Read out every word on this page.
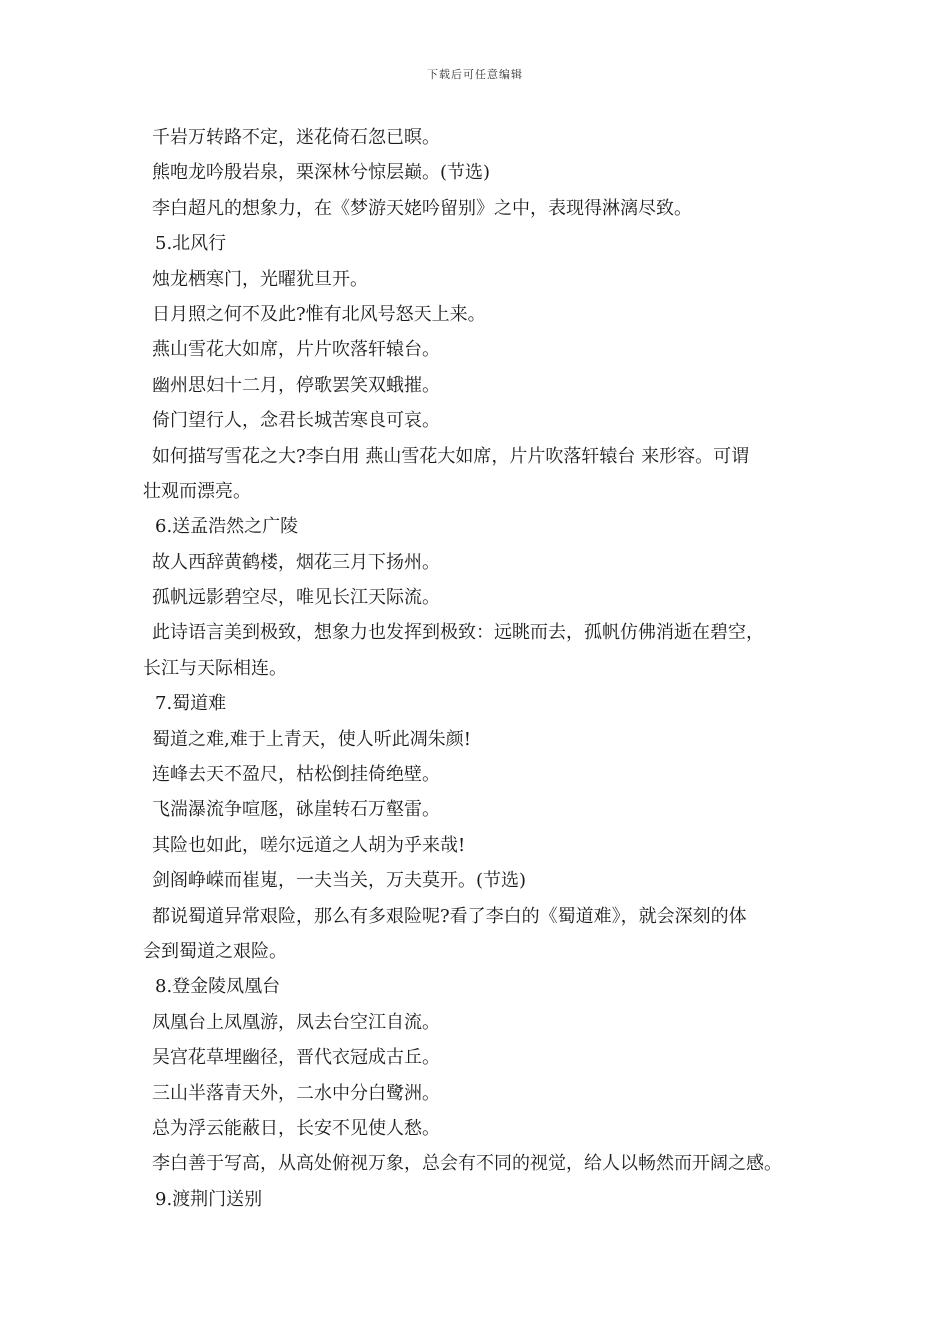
下载后可任意编辑
千岩万转路不定，迷花倚石忽已暝。
熊咆龙吟殷岩泉，栗深林兮惊层巅。(节选)
李白超凡的想象力，在《梦游天姥吟留别》之中，表现得淋漓尽致。
5.北风行
烛龙栖寒门，光曜犹旦开。
日月照之何不及此?惟有北风号怒天上来。
燕山雪花大如席，片片吹落轩辕台。
幽州思妇十二月，停歌罢笑双蛾摧。
倚门望行人，念君长城苦寒良可哀。
如何描写雪花之大?李白用 燕山雪花大如席，片片吹落轩辕台 来形容。可谓
壮观而漂亮。
6.送孟浩然之广陵
故人西辞黄鹤楼，烟花三月下扬州。
孤帆远影碧空尽，唯见长江天际流。
此诗语言美到极致，想象力也发挥到极致：远眺而去，孤帆仿佛消逝在碧空，
长江与天际相连。
7.蜀道难
蜀道之难,难于上青天，使人听此凋朱颜!
连峰去天不盈尺，枯松倒挂倚绝壁。
飞湍瀑流争喧豗，砯崖转石万壑雷。
其险也如此，嗟尔远道之人胡为乎来哉!
剑阁峥嵘而崔嵬，一夫当关，万夫莫开。(节选)
都说蜀道异常艰险，那么有多艰险呢?看了李白的《蜀道难》，就会深刻的体
会到蜀道之艰险。
8.登金陵凤凰台
凤凰台上凤凰游，凤去台空江自流。
吴宫花草埋幽径，晋代衣冠成古丘。
三山半落青天外，二水中分白鹭洲。
总为浮云能蔽日，长安不见使人愁。
李白善于写高，从高处俯视万象，总会有不同的视觉，给人以畅然而开阔之感。
9.渡荆门送别
